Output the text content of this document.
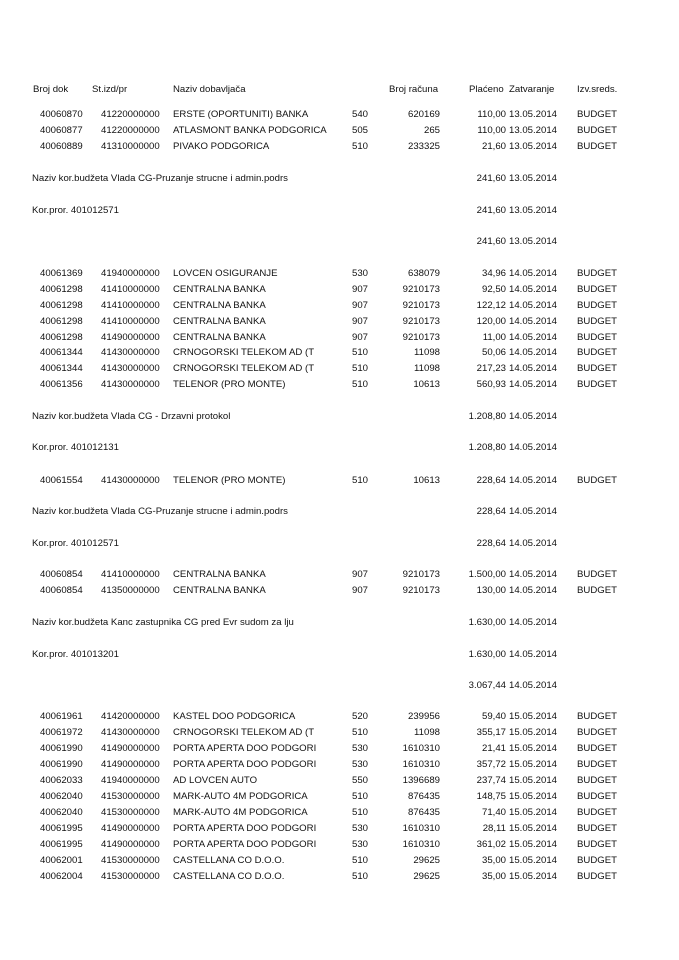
Broj dok St.izd/pr	Naziv dobavljača	Broj računa	Plaćeno Zatvaranje Izv.sreds.
40060870 41220000000 ERSTE (OPORTUNITI) BANKA	540	620169	110,00 13.05.2014 BUDGET
40060877 41220000000 ATLASMONT BANKA PODGORICA	505	265	110,00 13.05.2014 BUDGET
40060889 41310000000 PIVAKO PODGORICA	510	233325	21,60 13.05.2014 BUDGET
Naziv kor.budžeta Vlada CG-Pruzanje strucne i admin.podrs	241,60 13.05.2014
Kor.pror. 401012571	241,60 13.05.2014
241,60 13.05.2014
40061369 41940000000 LOVCEN OSIGURANJE	530	638079	34,96 14.05.2014 BUDGET
40061298 41410000000 CENTRALNA BANKA	907	9210173	92,50 14.05.2014 BUDGET
40061298 41410000000 CENTRALNA BANKA	907	9210173	122,12 14.05.2014 BUDGET
40061298 41410000000 CENTRALNA BANKA	907	9210173	120,00 14.05.2014 BUDGET
40061298 41490000000 CENTRALNA BANKA	907	9210173	11,00 14.05.2014 BUDGET
40061344 41430000000 CRNOGORSKI TELEKOM AD (T	510	11098	50,06 14.05.2014 BUDGET
40061344 41430000000 CRNOGORSKI TELEKOM AD (T	510	11098	217,23 14.05.2014 BUDGET
40061356 41430000000 TELENOR (PRO MONTE)	510	10613	560,93 14.05.2014 BUDGET
Naziv kor.budžeta Vlada CG - Drzavni protokol	1.208,80 14.05.2014
Kor.pror. 401012131	1.208,80 14.05.2014
40061554 41430000000 TELENOR (PRO MONTE)	510	10613	228,64 14.05.2014 BUDGET
Naziv kor.budžeta Vlada CG-Pruzanje strucne i admin.podrs	228,64 14.05.2014
Kor.pror. 401012571	228,64 14.05.2014
40060854 41410000000 CENTRALNA BANKA	907	9210173	1.500,00 14.05.2014 BUDGET
40060854 41350000000 CENTRALNA BANKA	907	9210173	130,00 14.05.2014 BUDGET
Naziv kor.budžeta Kanc zastupnika CG pred Evr sudom za lju	1.630,00 14.05.2014
Kor.pror. 401013201	1.630,00 14.05.2014
3.067,44 14.05.2014
40061961 41420000000 KASTEL DOO PODGORICA	520	239956	59,40 15.05.2014 BUDGET
40061972 41430000000 CRNOGORSKI TELEKOM AD (T	510	11098	355,17 15.05.2014 BUDGET
40061990 41490000000 PORTA APERTA DOO PODGORI	530	1610310	21,41 15.05.2014 BUDGET
40061990 41490000000 PORTA APERTA DOO PODGORI	530	1610310	357,72 15.05.2014 BUDGET
40062033 41940000000 AD LOVCEN AUTO	550	1396689	237,74 15.05.2014 BUDGET
40062040 41530000000 MARK-AUTO 4M PODGORICA	510	876435	148,75 15.05.2014 BUDGET
40062040 41530000000 MARK-AUTO 4M PODGORICA	510	876435	71,40 15.05.2014 BUDGET
40061995 41490000000 PORTA APERTA DOO PODGORI	530	1610310	28,11 15.05.2014 BUDGET
40061995 41490000000 PORTA APERTA DOO PODGORI	530	1610310	361,02 15.05.2014 BUDGET
40062001 41530000000 CASTELLANA CO D.O.O.	510	29625	35,00 15.05.2014 BUDGET
40062004 41530000000 CASTELLANA CO D.O.O.	510	29625	35,00 15.05.2014 BUDGET
